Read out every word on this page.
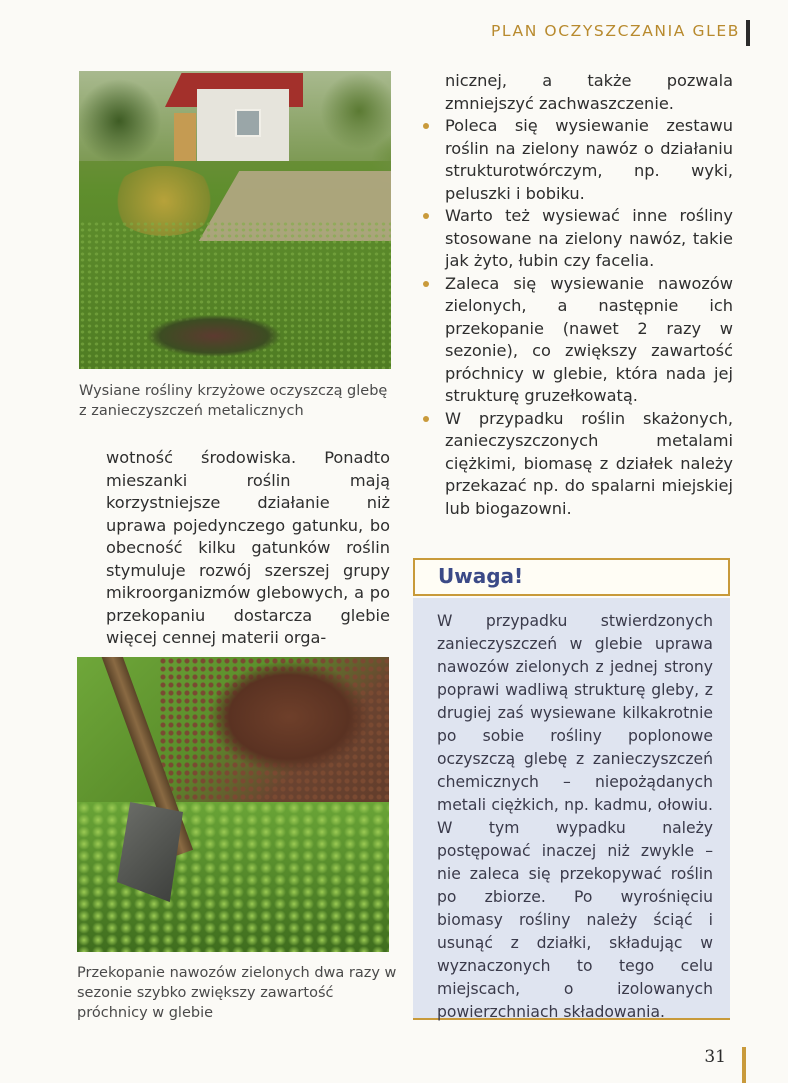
PLAN OCZYSZCZANIA GLEB
Wysiane rośliny krzyżowe oczyszczą glebę z zanieczyszczeń metalicznych
wotność środowiska. Ponadto mieszanki roślin mają korzystniejsze działanie niż uprawa pojedynczego gatunku, bo obecność kilku gatunków roślin stymuluje rozwój szerszej grupy mikroorganizmów glebowych, a po przekopaniu dostarcza glebie więcej cennej materii orga-
Przekopanie nawozów zielonych dwa razy w sezonie szybko zwiększy zawartość próchnicy w glebie
nicznej, a także pozwala zmniejszyć zachwaszczenie.
Poleca się wysiewanie zestawu roślin na zielony nawóz o działaniu strukturotwórczym, np. wyki, peluszki i bobiku.
Warto też wysiewać inne rośliny stosowane na zielony nawóz, takie jak żyto, łubin czy facelia.
Zaleca się wysiewanie nawozów zielonych, a następnie ich przekopanie (nawet 2 razy w sezonie), co zwiększy zawartość próchnicy w glebie, która nada jej strukturę gruzełkowatą.
W przypadku roślin skażonych, zanieczyszczonych metalami ciężkimi, biomasę z działek należy przekazać np. do spalarni miejskiej lub biogazowni.
Uwaga!
W przypadku stwierdzonych zanieczyszczeń w glebie uprawa nawozów zielonych z jednej strony poprawi wadliwą strukturę gleby, z drugiej zaś wysiewane kilkakrotnie po sobie rośliny poplonowe oczyszczą glebę z zanieczyszczeń chemicznych – niepożądanych metali ciężkich, np. kadmu, ołowiu. W tym wypadku należy postępować inaczej niż zwykle – nie zaleca się przekopywać roślin po zbiorze. Po wyrośnięciu biomasy rośliny należy ściąć i usunąć z działki, składując w wyznaczonych to tego celu miejscach, o izolowanych powierzchniach składowania.
31
